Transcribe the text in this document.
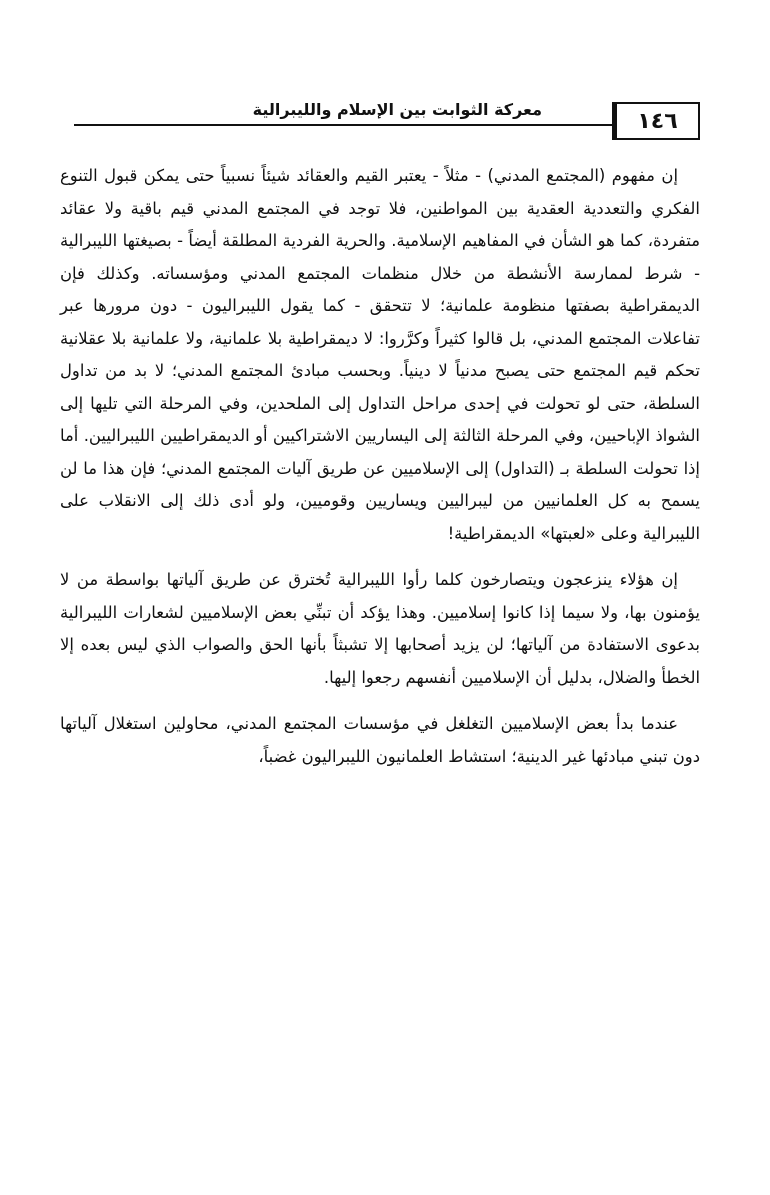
معركة الثوابت بين الإسلام والليبرالية	١٤٦

إن مفهوم (المجتمع المدني) - مثلاً - يعتبر القيم والعقائد شيئاً نسبياً حتى يمكن قبول التنوع الفكري والتعددية العقدية بين المواطنين، فلا توجد في المجتمع المدني قيم باقية ولا عقائد متفردة، كما هو الشأن في المفاهيم الإسلامية. والحرية الفردية المطلقة أيضاً - بصيغتها الليبرالية - شرط لممارسة الأنشطة من خلال منظمات المجتمع المدني ومؤسساته. وكذلك فإن الديمقراطية بصفتها منظومة علمانية؛ لا تتحقق - كما يقول الليبراليون - دون مرورها عبر تفاعلات المجتمع المدني، بل قالوا كثيراً وكرَّروا: لا ديمقراطية بلا علمانية، ولا علمانية بلا عقلانية تحكم قيم المجتمع حتى يصبح مدنياً لا دينياً. وبحسب مبادئ المجتمع المدني؛ لا بد من تداول السلطة، حتى لو تحولت في إحدى مراحل التداول إلى الملحدين، وفي المرحلة التي تليها إلى الشواذ الإباحيين، وفي المرحلة الثالثة إلى اليساريين الاشتراكيين أو الديمقراطيين الليبراليين. أما إذا تحولت السلطة بـ (التداول) إلى الإسلاميين عن طريق آليات المجتمع المدني؛ فإن هذا ما لن يسمح به كل العلمانيين من ليبراليين ويساريين وقوميين، ولو أدى ذلك إلى الانقلاب على الليبرالية وعلى «لعبتها» الديمقراطية!

إن هؤلاء ينزعجون ويتصارخون كلما رأوا الليبرالية تُخترق عن طريق آلياتها بواسطة من لا يؤمنون بها، ولا سيما إذا كانوا إسلاميين. وهذا يؤكد أن تبنِّي بعض الإسلاميين لشعارات الليبرالية بدعوى الاستفادة من آلياتها؛ لن يزيد أصحابها إلا تشبثاً بأنها الحق والصواب الذي ليس بعده إلا الخطأ والضلال، بدليل أن الإسلاميين أنفسهم رجعوا إليها.

عندما بدأ بعض الإسلاميين التغلغل في مؤسسات المجتمع المدني، محاولين استغلال آلياتها دون تبني مبادئها غير الدينية؛ استشاط العلمانيون الليبراليون غضباً،
